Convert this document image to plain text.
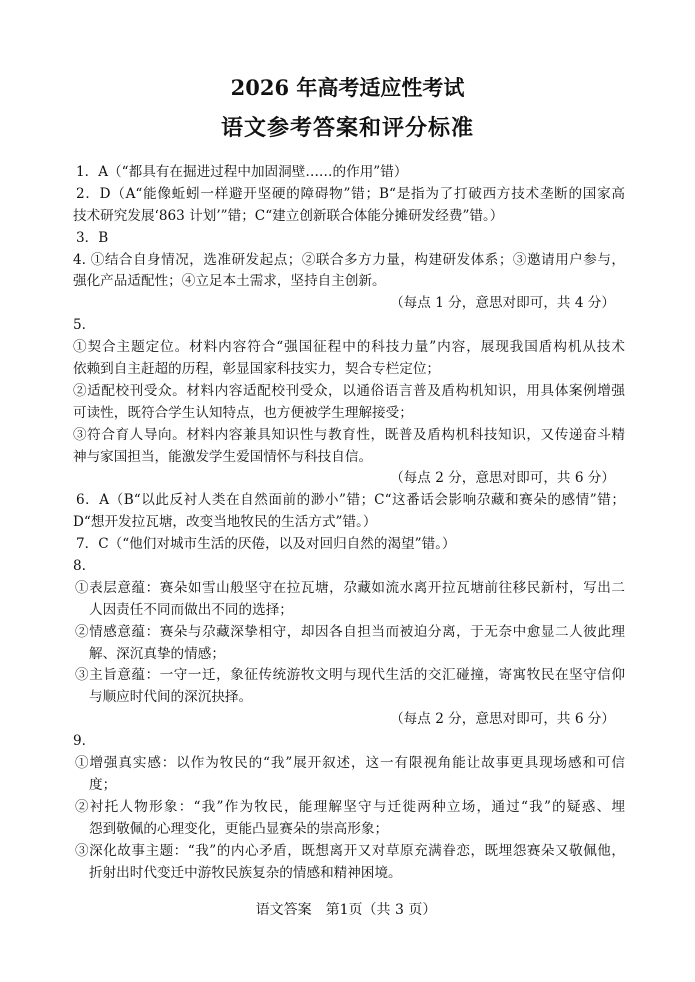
2026 年高考适应性考试
语文参考答案和评分标准
1．A（“都具有在掘进过程中加固洞壁……的作用”错）
2．D（A“能像蚯蚓一样避开坚硬的障碍物”错；B“是指为了打破西方技术垄断的国家高
技术研究发展‘863 计划’”错；C“建立创新联合体能分摊研发经费”错。）
3．B
4. ①结合自身情况，选准研发起点；②联合多方力量，构建研发体系；③邀请用户参与，
强化产品适配性；④立足本土需求，坚持自主创新。
（每点 1 分，意思对即可，共 4 分）
5.
①契合主题定位。材料内容符合“强国征程中的科技力量”内容，展现我国盾构机从技术
依赖到自主赶超的历程，彰显国家科技实力，契合专栏定位；
②适配校刊受众。材料内容适配校刊受众，以通俗语言普及盾构机知识，用具体案例增强
可读性，既符合学生认知特点，也方便被学生理解接受；
③符合育人导向。材料内容兼具知识性与教育性，既普及盾构机科技知识，又传递奋斗精
神与家国担当，能激发学生爱国情怀与科技自信。
（每点 2 分，意思对即可，共 6 分）
6．A（B“以此反衬人类在自然面前的渺小”错；C“这番话会影响尕藏和赛朵的感情”错；
D“想开发拉瓦塘，改变当地牧民的生活方式”错。）
7．C（“他们对城市生活的厌倦，以及对回归自然的渴望”错。）
8.
①表层意蕴：赛朵如雪山般坚守在拉瓦塘，尕藏如流水离开拉瓦塘前往移民新村，写出二
人因责任不同而做出不同的选择；
②情感意蕴：赛朵与尕藏深挚相守，却因各自担当而被迫分离，于无奈中愈显二人彼此理
解、深沉真挚的情感；
③主旨意蕴：一守一迁，象征传统游牧文明与现代生活的交汇碰撞，寄寓牧民在坚守信仰
与顺应时代间的深沉抉择。
（每点 2 分，意思对即可，共 6 分）
9.
①增强真实感：以作为牧民的“我”展开叙述，这一有限视角能让故事更具现场感和可信
度；
②衬托人物形象：“我”作为牧民，能理解坚守与迁徙两种立场，通过“我”的疑惑、埋
怨到敬佩的心理变化，更能凸显赛朵的崇高形象；
③深化故事主题：“我”的内心矛盾，既想离开又对草原充满眷恋，既埋怨赛朵又敬佩他，
折射出时代变迁中游牧民族复杂的情感和精神困境。
语文答案　第1页（共 3 页）
